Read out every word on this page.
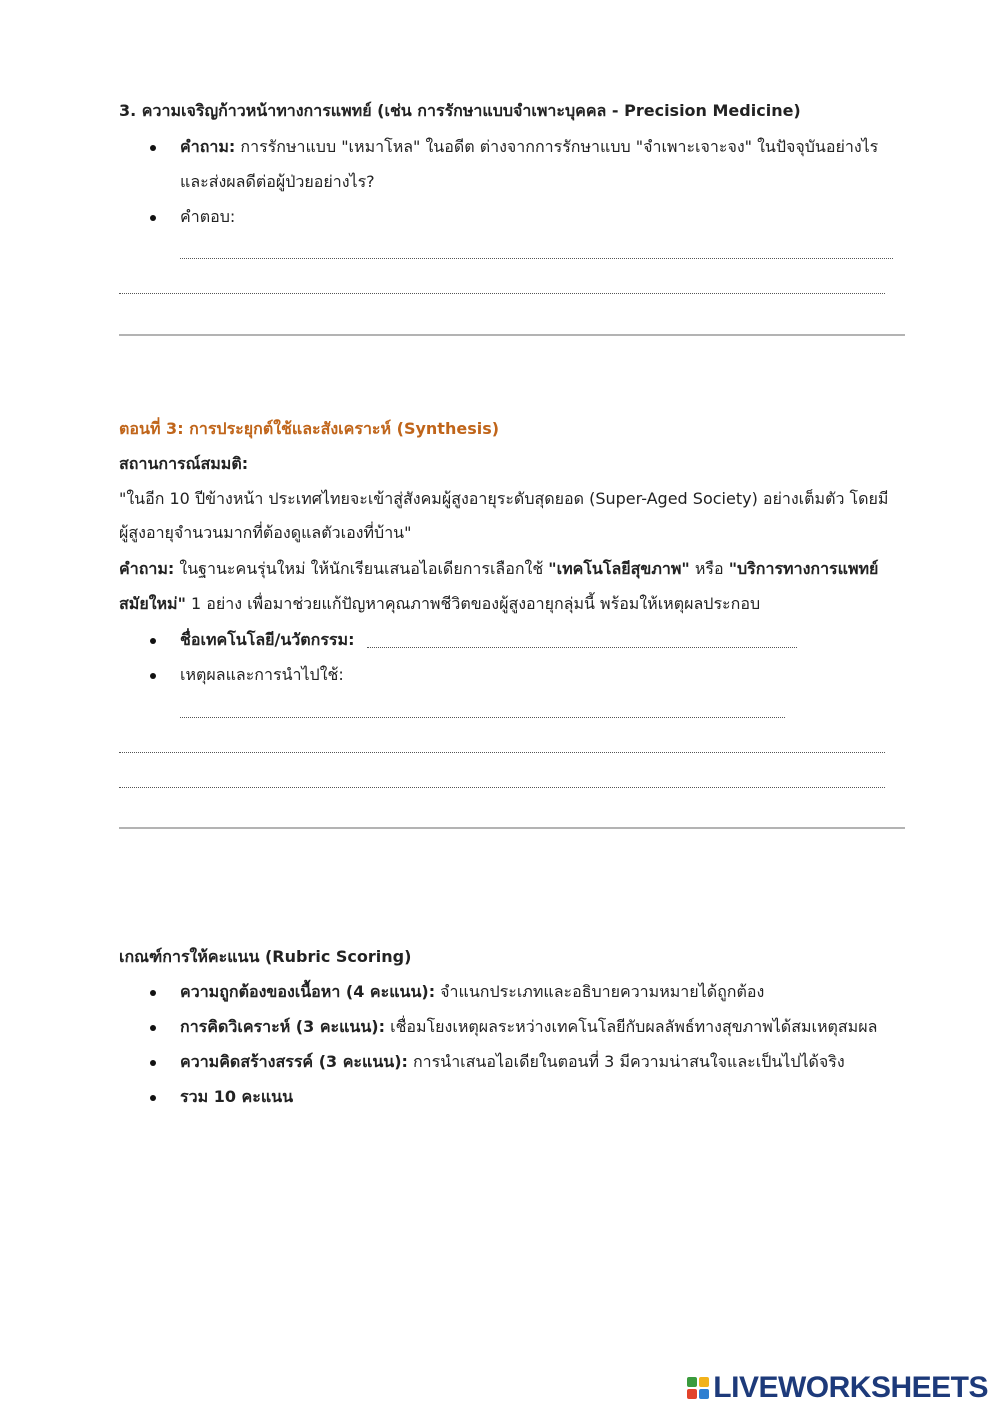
3. ความเจริญก้าวหน้าทางการแพทย์ (เช่น การรักษาแบบจำเพาะบุคคล - Precision Medicine)
คำถาม: การรักษาแบบ "เหมาโหล" ในอดีต ต่างจากการรักษาแบบ "จำเพาะเจาะจง" ในปัจจุบันอย่างไร
และส่งผลดีต่อผู้ป่วยอย่างไร?
คำตอบ:
ตอนที่ 3: การประยุกต์ใช้และสังเคราะห์ (Synthesis)
สถานการณ์สมมติ:
"ในอีก 10 ปีข้างหน้า ประเทศไทยจะเข้าสู่สังคมผู้สูงอายุระดับสุดยอด (Super-Aged Society) อย่างเต็มตัว โดยมี
ผู้สูงอายุจำนวนมากที่ต้องดูแลตัวเองที่บ้าน"
คำถาม: ในฐานะคนรุ่นใหม่ ให้นักเรียนเสนอไอเดียการเลือกใช้ "เทคโนโลยีสุขภาพ" หรือ "บริการทางการแพทย์
สมัยใหม่" 1 อย่าง เพื่อมาช่วยแก้ปัญหาคุณภาพชีวิตของผู้สูงอายุกลุ่มนี้ พร้อมให้เหตุผลประกอบ
ชื่อเทคโนโลยี/นวัตกรรม:
เหตุผลและการนำไปใช้:
เกณฑ์การให้คะแนน (Rubric Scoring)
ความถูกต้องของเนื้อหา (4 คะแนน): จำแนกประเภทและอธิบายความหมายได้ถูกต้อง
การคิดวิเคราะห์ (3 คะแนน): เชื่อมโยงเหตุผลระหว่างเทคโนโลยีกับผลลัพธ์ทางสุขภาพได้สมเหตุสมผล
ความคิดสร้างสรรค์ (3 คะแนน): การนำเสนอไอเดียในตอนที่ 3 มีความน่าสนใจและเป็นไปได้จริง
รวม 10 คะแนน
LIVEWORKSHEETS
